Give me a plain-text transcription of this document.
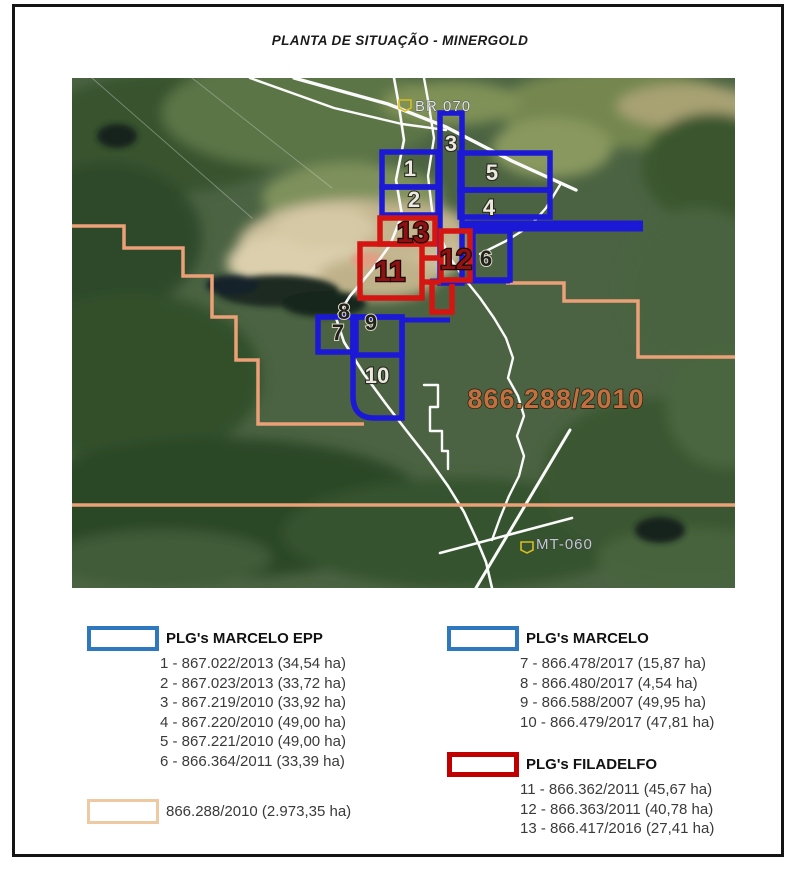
PLANTA DE SITUAÇÃO - MINERGOLD
1
2
3
4
5
6
7
8 9
10
11 12
13
BR 070
MT-060
866.288/2010
PLG's MARCELO EPP
1 - 867.022/2013 (34,54 ha)
2 - 867.023/2013 (33,72 ha)
3 - 867.219/2010 (33,92 ha)
4 - 867.220/2010 (49,00 ha)
5 - 867.221/2010 (49,00 ha)
6 - 866.364/2011 (33,39 ha)
866.288/2010 (2.973,35 ha)
PLG's MARCELO
7 - 866.478/2017 (15,87 ha)
8 - 866.480/2017 (4,54 ha)
9 - 866.588/2007 (49,95 ha)
10 - 866.479/2017 (47,81 ha)
PLG's FILADELFO
11 - 866.362/2011 (45,67 ha)
12 - 866.363/2011 (40,78 ha)
13 - 866.417/2016 (27,41 ha)
